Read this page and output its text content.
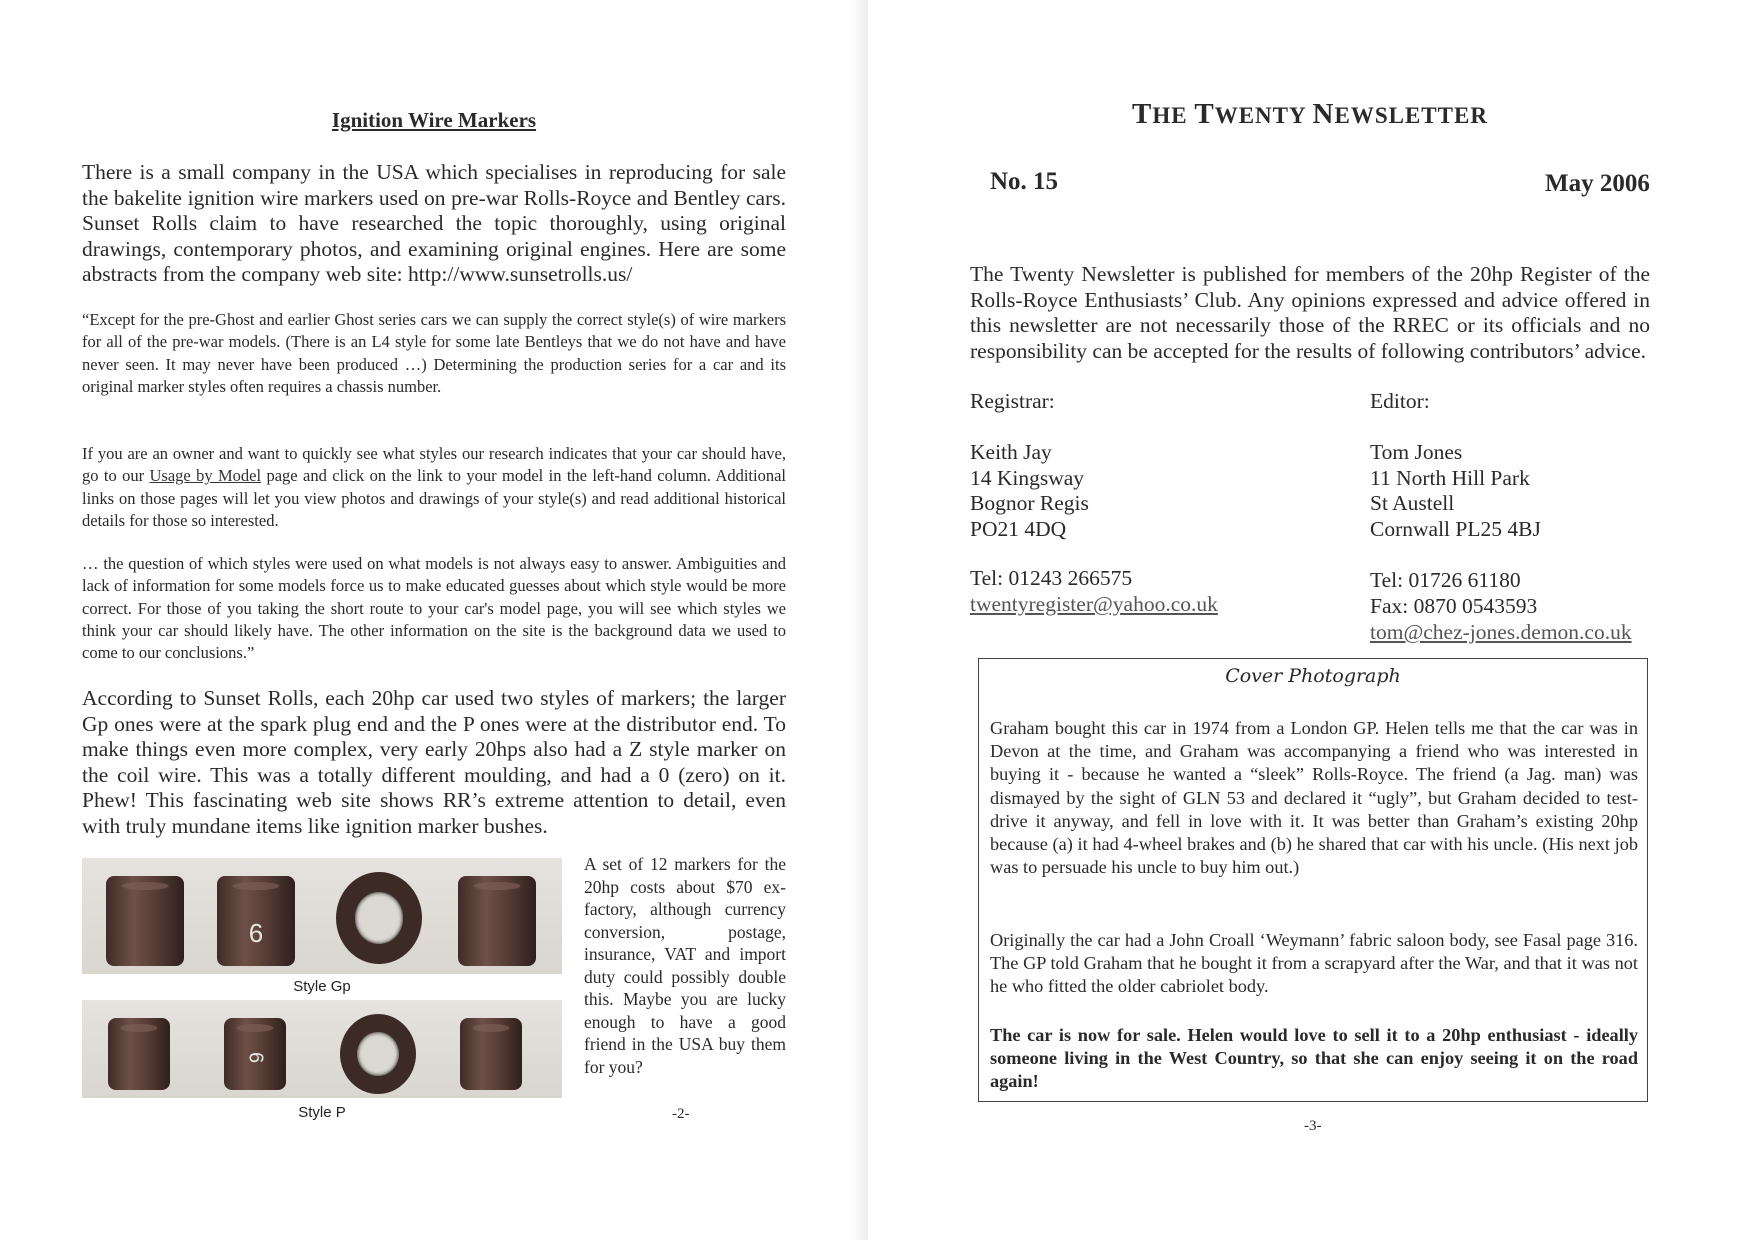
Ignition Wire Markers

There is a small company in the USA which specialises in reproducing for sale the bakelite ignition wire markers used on pre-war Rolls-Royce and Bentley cars. Sunset Rolls claim to have researched the topic thoroughly, using original drawings, contemporary photos, and examining original engines. Here are some abstracts from the company web site: http://www.sunsetrolls.us/

“Except for the pre-Ghost and earlier Ghost series cars we can supply the correct style(s) of wire markers for all of the pre-war models. (There is an L4 style for some late Bentleys that we do not have and have never seen. It may never have been produced …) Determining the production series for a car and its original marker styles often requires a chassis number.

If you are an owner and want to quickly see what styles our research indicates that your car should have, go to our Usage by Model page and click on the link to your model in the left-hand column. Additional links on those pages will let you view photos and drawings of your style(s) and read additional historical details for those so interested.

… the question of which styles were used on what models is not always easy to answer. Ambiguities and lack of information for some models force us to make educated guesses about which style would be more correct. For those of you taking the short route to your car's model page, you will see which styles we think your car should likely have. The other information on the site is the background data we used to come to our conclusions.”

According to Sunset Rolls, each 20hp car used two styles of markers; the larger Gp ones were at the spark plug end and the P ones were at the distributor end. To make things even more complex, very early 20hps also had a Z style marker on the coil wire. This was a totally different moulding, and had a 0 (zero) on it. Phew! This fascinating web site shows RR’s extreme attention to detail, even with truly mundane items like ignition marker bushes.

6
Style Gp
6
Style P

A set of 12 markers for the 20hp costs about $70 ex-factory, although currency conversion, postage, insurance, VAT and import duty could possibly double this. Maybe you are lucky enough to have a good friend in the USA buy them for you?

-2-
THE TWENTY NEWSLETTER
No. 15	May 2006

The Twenty Newsletter is published for members of the 20hp Register of the Rolls-Royce Enthusiasts’ Club. Any opinions expressed and advice offered in this newsletter are not necessarily those of the RREC or its officials and no responsibility can be accepted for the results of following contributors’ advice.

Registrar:
Keith Jay
14 Kingsway
Bognor Regis
PO21 4DQ
Tel: 01243 266575
twentyregister@yahoo.co.uk
Editor:
Tom Jones
11 North Hill Park
St Austell
Cornwall PL25 4BJ
Tel: 01726 61180
Fax: 0870 0543593
tom@chez-jones.demon.co.uk
Cover Photograph

Graham bought this car in 1974 from a London GP. Helen tells me that the car was in Devon at the time, and Graham was accompanying a friend who was interested in buying it - because he wanted a “sleek” Rolls-Royce. The friend (a Jag. man) was dismayed by the sight of GLN 53 and declared it “ugly”, but Graham decided to test-drive it anyway, and fell in love with it. It was better than Graham’s existing 20hp because (a) it had 4-wheel brakes and (b) he shared that car with his uncle. (His next job was to persuade his uncle to buy him out.)

Originally the car had a John Croall ‘Weymann’ fabric saloon body, see Fasal page 316. The GP told Graham that he bought it from a scrapyard after the War, and that it was not he who fitted the older cabriolet body.

The car is now for sale. Helen would love to sell it to a 20hp enthusiast - ideally someone living in the West Country, so that she can enjoy seeing it on the road again!

-3-
